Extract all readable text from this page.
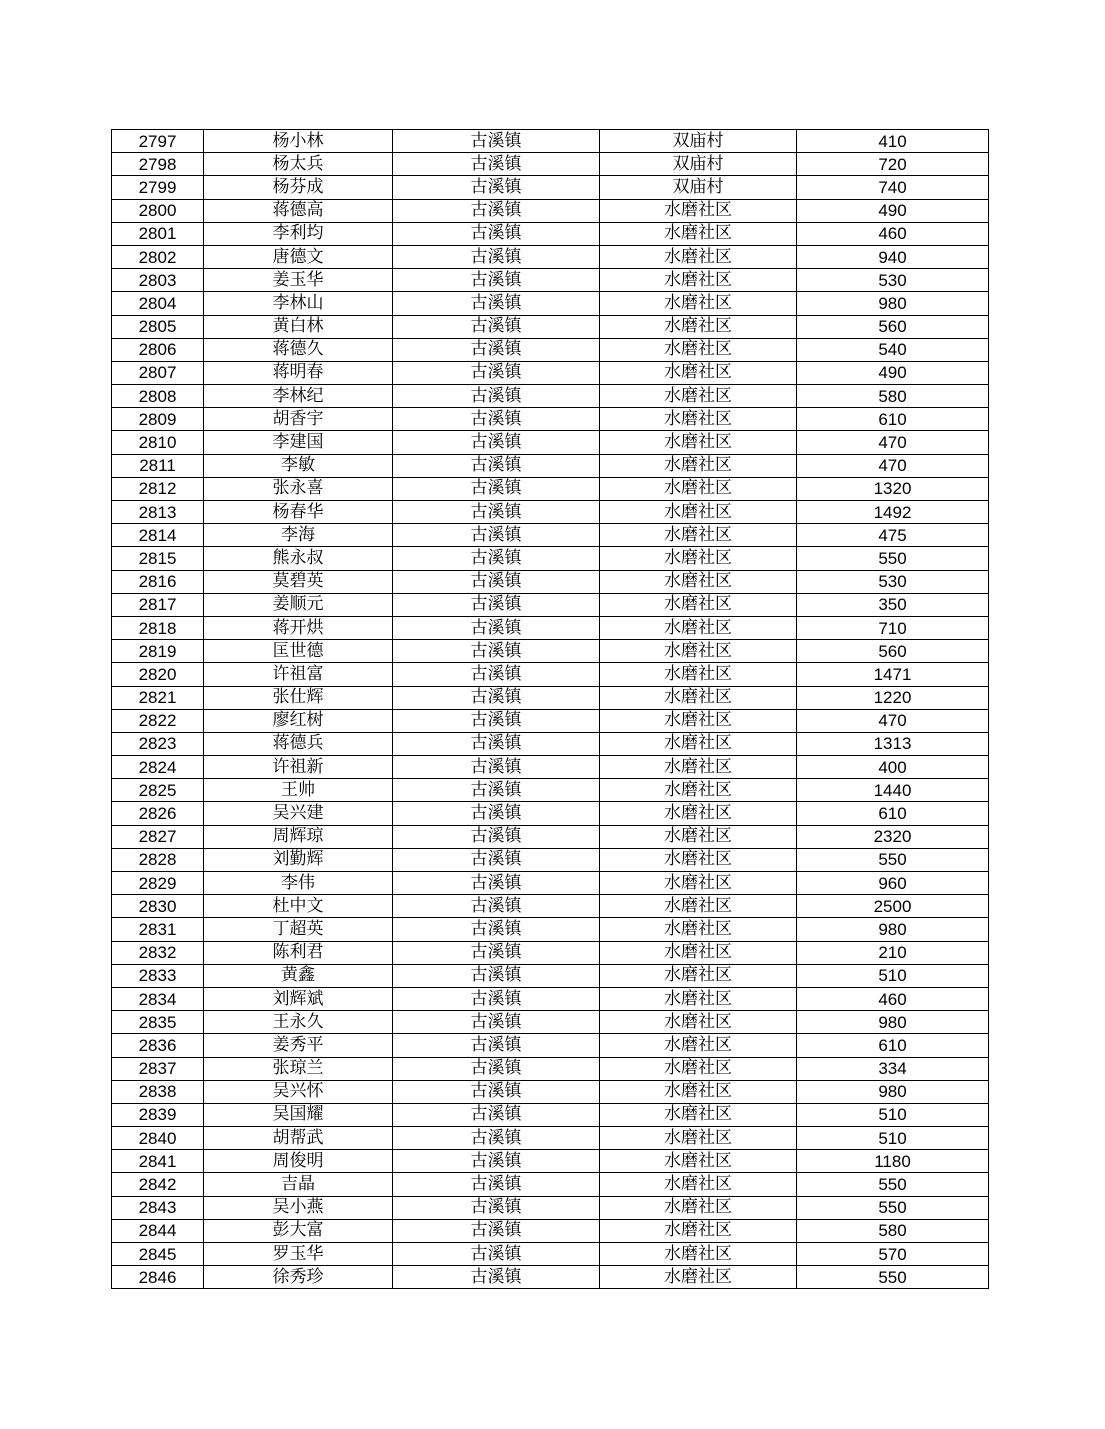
2797	杨小林	古溪镇	双庙村	410
2798	杨太兵	古溪镇	双庙村	720
2799	杨芬成	古溪镇	双庙村	740
2800	蒋德高	古溪镇	水磨社区	490
2801	李利均	古溪镇	水磨社区	460
2802	唐德文	古溪镇	水磨社区	940
2803	姜玉华	古溪镇	水磨社区	530
2804	李林山	古溪镇	水磨社区	980
2805	黄白林	古溪镇	水磨社区	560
2806	蒋德久	古溪镇	水磨社区	540
2807	蒋明春	古溪镇	水磨社区	490
2808	李林纪	古溪镇	水磨社区	580
2809	胡香宇	古溪镇	水磨社区	610
2810	李建国	古溪镇	水磨社区	470
2811	李敏	古溪镇	水磨社区	470
2812	张永喜	古溪镇	水磨社区	1320
2813	杨春华	古溪镇	水磨社区	1492
2814	李海	古溪镇	水磨社区	475
2815	熊永叔	古溪镇	水磨社区	550
2816	莫碧英	古溪镇	水磨社区	530
2817	姜顺元	古溪镇	水磨社区	350
2818	蒋开烘	古溪镇	水磨社区	710
2819	匡世德	古溪镇	水磨社区	560
2820	许祖富	古溪镇	水磨社区	1471
2821	张仕辉	古溪镇	水磨社区	1220
2822	廖红树	古溪镇	水磨社区	470
2823	蒋德兵	古溪镇	水磨社区	1313
2824	许祖新	古溪镇	水磨社区	400
2825	王帅	古溪镇	水磨社区	1440
2826	吴兴建	古溪镇	水磨社区	610
2827	周辉琼	古溪镇	水磨社区	2320
2828	刘勤辉	古溪镇	水磨社区	550
2829	李伟	古溪镇	水磨社区	960
2830	杜中文	古溪镇	水磨社区	2500
2831	丁超英	古溪镇	水磨社区	980
2832	陈利君	古溪镇	水磨社区	210
2833	黄鑫	古溪镇	水磨社区	510
2834	刘辉斌	古溪镇	水磨社区	460
2835	王永久	古溪镇	水磨社区	980
2836	姜秀平	古溪镇	水磨社区	610
2837	张琼兰	古溪镇	水磨社区	334
2838	吴兴怀	古溪镇	水磨社区	980
2839	吴国耀	古溪镇	水磨社区	510
2840	胡帮武	古溪镇	水磨社区	510
2841	周俊明	古溪镇	水磨社区	1180
2842	吉晶	古溪镇	水磨社区	550
2843	吴小燕	古溪镇	水磨社区	550
2844	彭大富	古溪镇	水磨社区	580
2845	罗玉华	古溪镇	水磨社区	570
2846	徐秀珍	古溪镇	水磨社区	550
